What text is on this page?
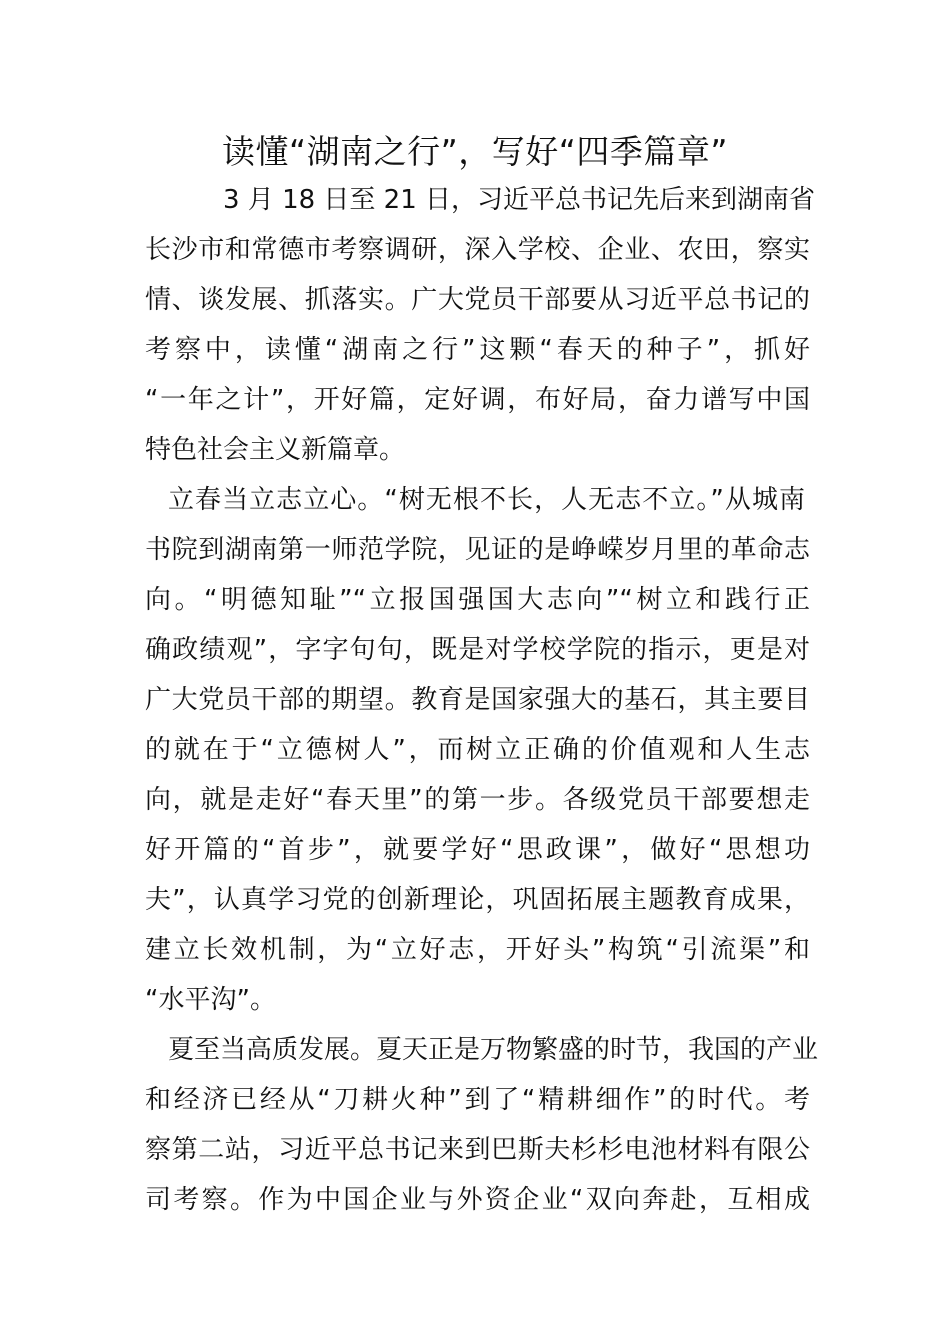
读懂“湖南之行”，写好“四季篇章”
3 月 18 日至 21 日，习近平总书记先后来到湖南省
长沙市和常德市考察调研，深入学校、企业、农田，察实
情、谈发展、抓落实。广大党员干部要从习近平总书记的
考察中，读懂“湖南之行”这颗“春天的种子”，抓好
“一年之计”，开好篇，定好调，布好局，奋力谱写中国
特色社会主义新篇章。
立春当立志立心。“树无根不长，人无志不立。”从城南
书院到湖南第一师范学院，见证的是峥嵘岁月里的革命志
向。“明德知耻”“立报国强国大志向”“树立和践行正
确政绩观”，字字句句，既是对学校学院的指示，更是对
广大党员干部的期望。教育是国家强大的基石，其主要目
的就在于“立德树人”，而树立正确的价值观和人生志
向，就是走好“春天里”的第一步。各级党员干部要想走
好开篇的“首步”，就要学好“思政课”，做好“思想功
夫”，认真学习党的创新理论，巩固拓展主题教育成果，
建立长效机制，为“立好志，开好头”构筑“引流渠”和
“水平沟”。
夏至当高质发展。夏天正是万物繁盛的时节，我国的产业
和经济已经从“刀耕火种”到了“精耕细作”的时代。考
察第二站，习近平总书记来到巴斯夫杉杉电池材料有限公
司考察。作为中国企业与外资企业“双向奔赴，互相成
